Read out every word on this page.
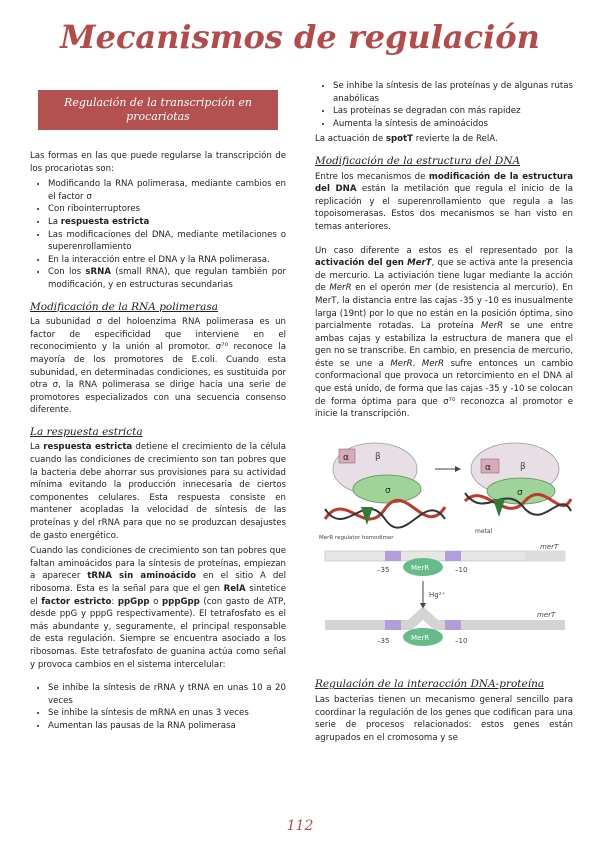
Mecanismos de regulación
Regulación de la transcripción en procariotas

Las formas en las que puede regularse la transcripción de los procariotas son:

• Modificando la RNA polimerasa, mediante cambios en el factor σ
• Con ribointerruptores
• La respuesta estricta
• Las modificaciones del DNA, mediante metilaciones o superenrollamiento
• En la interacción entre el DNA y la RNA polimerasa.
• Con los sRNA (small RNA), que regulan también por modificación, y en estructuras secundarias
Modificación de la RNA polimerasa

La subunidad σ del holoenzima RNA polimerasa es un factor de especificidad que interviene en el reconocimiento y la unión al promotor. σ⁷⁰ reconoce la mayoría de los promotores de E.coli. Cuando esta subunidad, en determinadas condiciones, es sustituida por otra σ, la RNA polimerasa se dirige hacia una serie de promotores especializados con una secuencia consenso diferente.

La respuesta estricta

La respuesta estricta detiene el crecimiento de la célula cuando las condiciones de crecimiento son tan pobres que la bacteria debe ahorrar sus provisiones para su actividad mínima evitando la producción innecesaria de ciertos componentes celulares. Esta respuesta consiste en mantener acopladas la velocidad de síntesis de las proteínas y del rRNA para que no se produzcan desajustes de gasto energético.

Cuando las condiciones de crecimiento son tan pobres que faltan aminoácidos para la síntesis de proteínas, empiezan a aparecer tRNA sin aminoácido en el sitio A del ribosoma. Esta es la señal para que el gen RelA sintetice el factor estricto: ppGpp o pppGpp (con gasto de ATP, desde ppG y pppG respectivamente). El tetrafosfato es el más abundante y, seguramente, el principal responsable de esta regulación. Siempre se encuentra asociado a los ribosomas. Este tetrafosfato de guanina actúa como señal y provoca cambios en el sistema intercelular:

• Se inhibe la síntesis de rRNA y tRNA en unas 10 a 20 veces
• Se inhibe la síntesis de mRNA en unas 3 veces
• Aumentan las pausas de la RNA polimerasa
• Se inhibe la síntesis de las proteínas y de algunas rutas anabólicas
• Las proteínas se degradan con más rapidez
• Aumenta la síntesis de aminoácidos

La actuación de spotT revierte la de RelA.

Modificación de la estructura del DNA

Entre los mecanismos de modificación de la estructura del DNA están la metilación que regula el inicio de la replicación y el superenrollamiento que regula a las topoisomerasas. Estos dos mecanismos se han visto en temas anteriores.

Un caso diferente a estos es el representado por la activación del gen MerT, que se activa ante la presencia de mercurio. La activiación tiene lugar mediante la acción de MerR en el operón mer (de resistencia al mercurio). En MerT, la distancia entre las cajas -35 y -10 es inusualmente larga (19nt) por lo que no están en la posición óptima, sino parcialmente rotadas. La proteína MerR se une entre ambas cajas y estabiliza la estructura de manera que el gen no se transcribe. En cambio, en presencia de mercurio, éste se une a MerR. MerR sufre entonces un cambio conformacional que provoca un retorcimiento en el DNA al que está unido, de forma que las cajas -35 y -10 se colocan de forma óptima para que σ⁷⁰ reconozca al promotor e inicie la transcripción.

α	β
σ
MerR regulator homodimer
α	β
σ
metal
merT
–35	MerR	–10
Hg²⁺
merT
–35	MerR	–10
Regulación de la interacción DNA-proteína

Las bacterias tienen un mecanismo general sencillo para coordinar la regulación de los genes que codifican para una serie de procesos relacionados: estos genes están agrupados en el cromosoma y se

112
